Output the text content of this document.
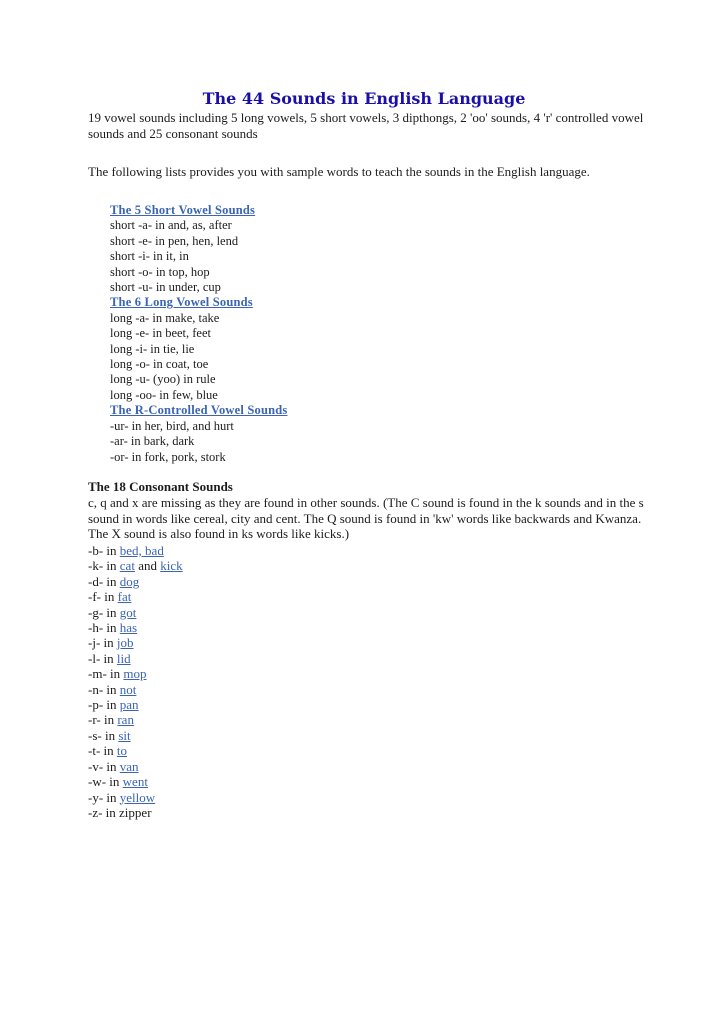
The 44 Sounds in English Language
19 vowel sounds including 5 long vowels, 5 short vowels, 3 dipthongs, 2 'oo' sounds, 4 'r' controlled vowel sounds and 25 consonant sounds
The following lists provides you with sample words to teach the sounds in the English language.
The 5 Short Vowel Sounds
short -a- in and, as, after
short -e- in pen, hen, lend
short -i- in it, in
short -o- in top, hop
short -u- in under, cup
The 6 Long Vowel Sounds
long -a- in make, take
long -e- in beet, feet
long -i- in tie, lie
long -o- in coat, toe
long -u- (yoo) in rule
long -oo- in few, blue
The R-Controlled Vowel Sounds
-ur- in her, bird, and hurt
-ar- in bark, dark
-or- in fork, pork, stork
The 18 Consonant Sounds
c, q and x are missing as they are found in other sounds. (The C sound is found in the k sounds and in the s sound in words like cereal, city and cent. The Q sound is found in 'kw' words like backwards and Kwanza. The X sound is also found in ks words like kicks.)
-b- in bed, bad
-k- in cat and kick
-d- in dog
-f- in fat
-g- in got
-h- in has
-j- in job
-l- in lid
-m- in mop
-n- in not
-p- in pan
-r- in ran
-s- in sit
-t- in to
-v- in van
-w- in went
-y- in yellow
-z- in zipper
